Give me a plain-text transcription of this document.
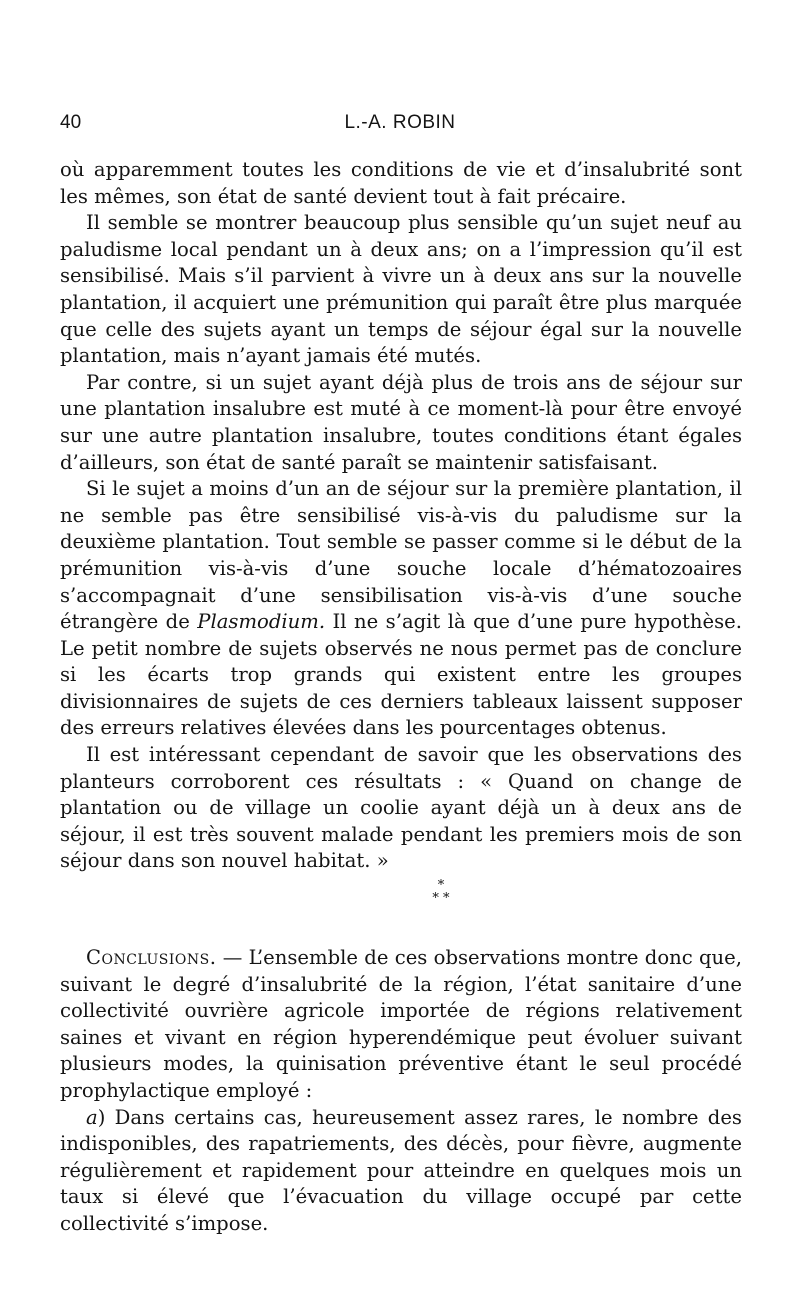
40	L.-A. ROBIN

où apparemment toutes les conditions de vie et d’insalubrité sont les mêmes, son état de santé devient tout à fait précaire.

Il semble se montrer beaucoup plus sensible qu’un sujet neuf au paludisme local pendant un à deux ans; on a l’impression qu’il est sensibilisé. Mais s’il parvient à vivre un à deux ans sur la nouvelle plantation, il acquiert une prémunition qui paraît être plus marquée que celle des sujets ayant un temps de séjour égal sur la nouvelle plantation, mais n’ayant jamais été mutés.

Par contre, si un sujet ayant déjà plus de trois ans de séjour sur une plantation insalubre est muté à ce moment-là pour être envoyé sur une autre plantation insalubre, toutes conditions étant égales d’ailleurs, son état de santé paraît se maintenir satisfaisant.

Si le sujet a moins d’un an de séjour sur la première plantation, il ne semble pas être sensibilisé vis-à-vis du paludisme sur la deuxième plantation. Tout semble se passer comme si le début de la prémunition vis-à-vis d’une souche locale d’hématozoaires s’accompagnait d’une sensibilisation vis-à-vis d’une souche étrangère de Plasmodium. Il ne s’agit là que d’une pure hypothèse. Le petit nombre de sujets observés ne nous permet pas de conclure si les écarts trop grands qui existent entre les groupes divisionnaires de sujets de ces derniers tableaux laissent supposer des erreurs relatives élevées dans les pourcentages obtenus.

Il est intéressant cependant de savoir que les observations des planteurs corroborent ces résultats : « Quand on change de plantation ou de village un coolie ayant déjà un à deux ans de séjour, il est très souvent malade pendant les premiers mois de son séjour dans son nouvel habitat. »

*
* *

Conclusions. — L’ensemble de ces observations montre donc que, suivant le degré d’insalubrité de la région, l’état sanitaire d’une collectivité ouvrière agricole importée de régions relativement saines et vivant en région hyperendémique peut évoluer suivant plusieurs modes, la quinisation préventive étant le seul procédé prophylactique employé :

a) Dans certains cas, heureusement assez rares, le nombre des indisponibles, des rapatriements, des décès, pour fièvre, augmente régulièrement et rapidement pour atteindre en quelques mois un taux si élevé que l’évacuation du village occupé par cette collectivité s’impose.
